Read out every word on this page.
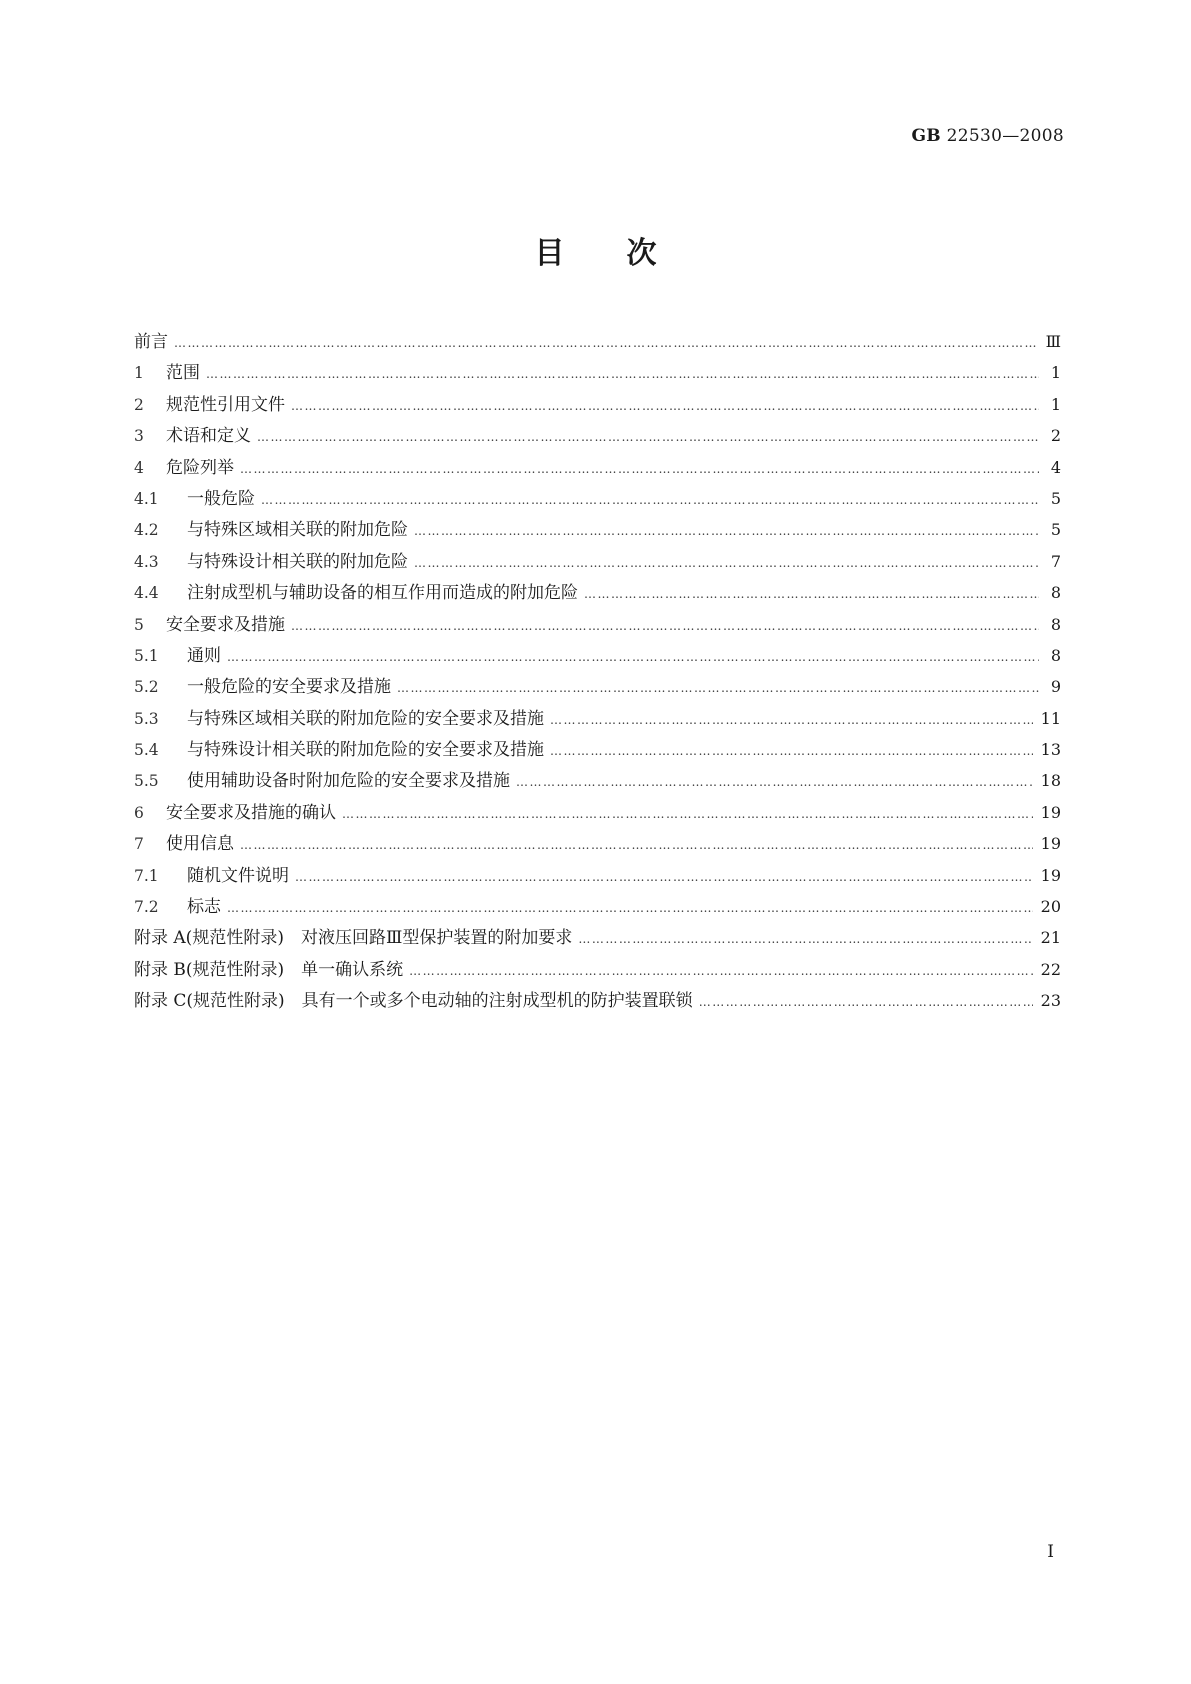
GB 22530—2008
目次
前言 …………………………………………………………………………………………………………………………………………………………………………………………………………………………………………………………………………	Ⅲ
1	范围 …………………………………………………………………………………………………………………………………………………………………………………………………………………………………………………………………………	1
2	规范性引用文件 …………………………………………………………………………………………………………………………………………………………………………………………………………………………………………………………………………	1
3	术语和定义 …………………………………………………………………………………………………………………………………………………………………………………………………………………………………………………………………………	2
4	危险列举 …………………………………………………………………………………………………………………………………………………………………………………………………………………………………………………………………………	4
4.1	一般危险 …………………………………………………………………………………………………………………………………………………………………………………………………………………………………………………………………………	5
4.2	与特殊区域相关联的附加危险 …………………………………………………………………………………………………………………………………………………………………………………………………………………………………………………………………………	5
4.3	与特殊设计相关联的附加危险 …………………………………………………………………………………………………………………………………………………………………………………………………………………………………………………………………………	7
4.4	注射成型机与辅助设备的相互作用而造成的附加危险 …………………………………………………………………………………………………………………………………………………………………………………………………………………………………………………………………………	8
5	安全要求及措施 …………………………………………………………………………………………………………………………………………………………………………………………………………………………………………………………………………	8
5.1	通则 …………………………………………………………………………………………………………………………………………………………………………………………………………………………………………………………………………	8
5.2	一般危险的安全要求及措施 …………………………………………………………………………………………………………………………………………………………………………………………………………………………………………………………………………	9
5.3	与特殊区域相关联的附加危险的安全要求及措施 …………………………………………………………………………………………………………………………………………………………………………………………………………………………………………………………………………	11
5.4	与特殊设计相关联的附加危险的安全要求及措施 …………………………………………………………………………………………………………………………………………………………………………………………………………………………………………………………………………	13
5.5	使用辅助设备时附加危险的安全要求及措施 …………………………………………………………………………………………………………………………………………………………………………………………………………………………………………………………………………	18
6	安全要求及措施的确认 …………………………………………………………………………………………………………………………………………………………………………………………………………………………………………………………………………	19
7	使用信息 …………………………………………………………………………………………………………………………………………………………………………………………………………………………………………………………………………	19
7.1	随机文件说明 …………………………………………………………………………………………………………………………………………………………………………………………………………………………………………………………………………	19
7.2	标志 …………………………………………………………………………………………………………………………………………………………………………………………………………………………………………………………………………	20
附录 A(规范性附录)　对液压回路Ⅲ型保护装置的附加要求 …………………………………………………………………………………………………………………………………………………………………………………………………………………………………………………………………………	21
附录 B(规范性附录)　单一确认系统 …………………………………………………………………………………………………………………………………………………………………………………………………………………………………………………………………………	22
附录 C(规范性附录)　具有一个或多个电动轴的注射成型机的防护装置联锁 …………………………………………………………………………………………………………………………………………………………………………………………………………………………………………………………………………	23
Ⅰ
